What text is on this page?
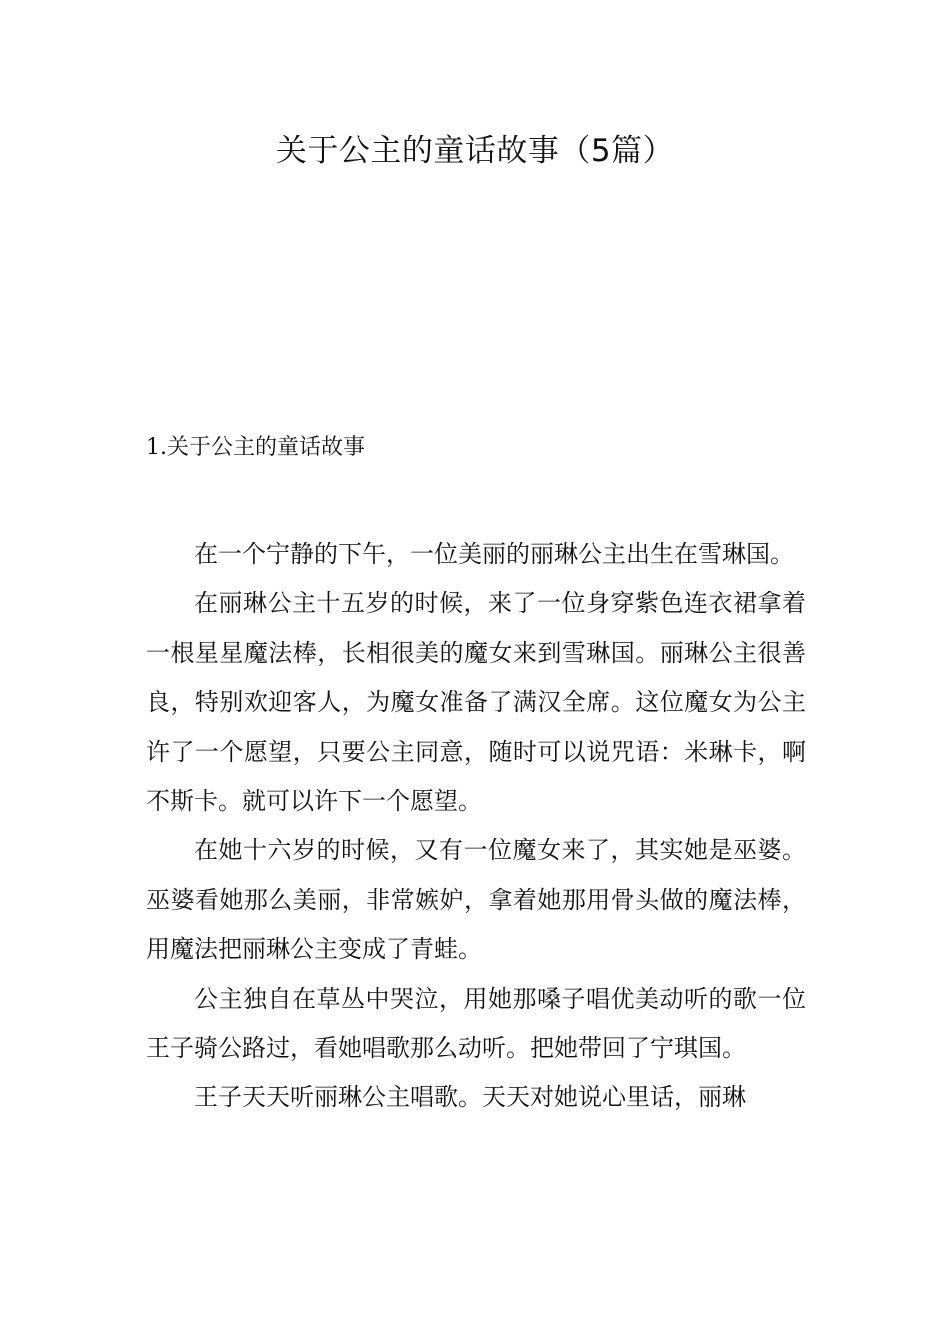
关于公主的童话故事（5篇）
1.关于公主的童话故事

在一个宁静的下午，一位美丽的丽琳公主出生在雪琳国。

在丽琳公主十五岁的时候，来了一位身穿紫色连衣裙拿着一根星星魔法棒，长相很美的魔女来到雪琳国。丽琳公主很善良，特别欢迎客人，为魔女准备了满汉全席。这位魔女为公主许了一个愿望，只要公主同意，随时可以说咒语：米琳卡，啊不斯卡。就可以许下一个愿望。

在她十六岁的时候，又有一位魔女来了，其实她是巫婆。巫婆看她那么美丽，非常嫉妒，拿着她那用骨头做的魔法棒，用魔法把丽琳公主变成了青蛙。

公主独自在草丛中哭泣，用她那嗓子唱优美动听的歌一位王子骑公路过，看她唱歌那么动听。把她带回了宁琪国。

王子天天听丽琳公主唱歌。天天对她说心里话，丽琳
